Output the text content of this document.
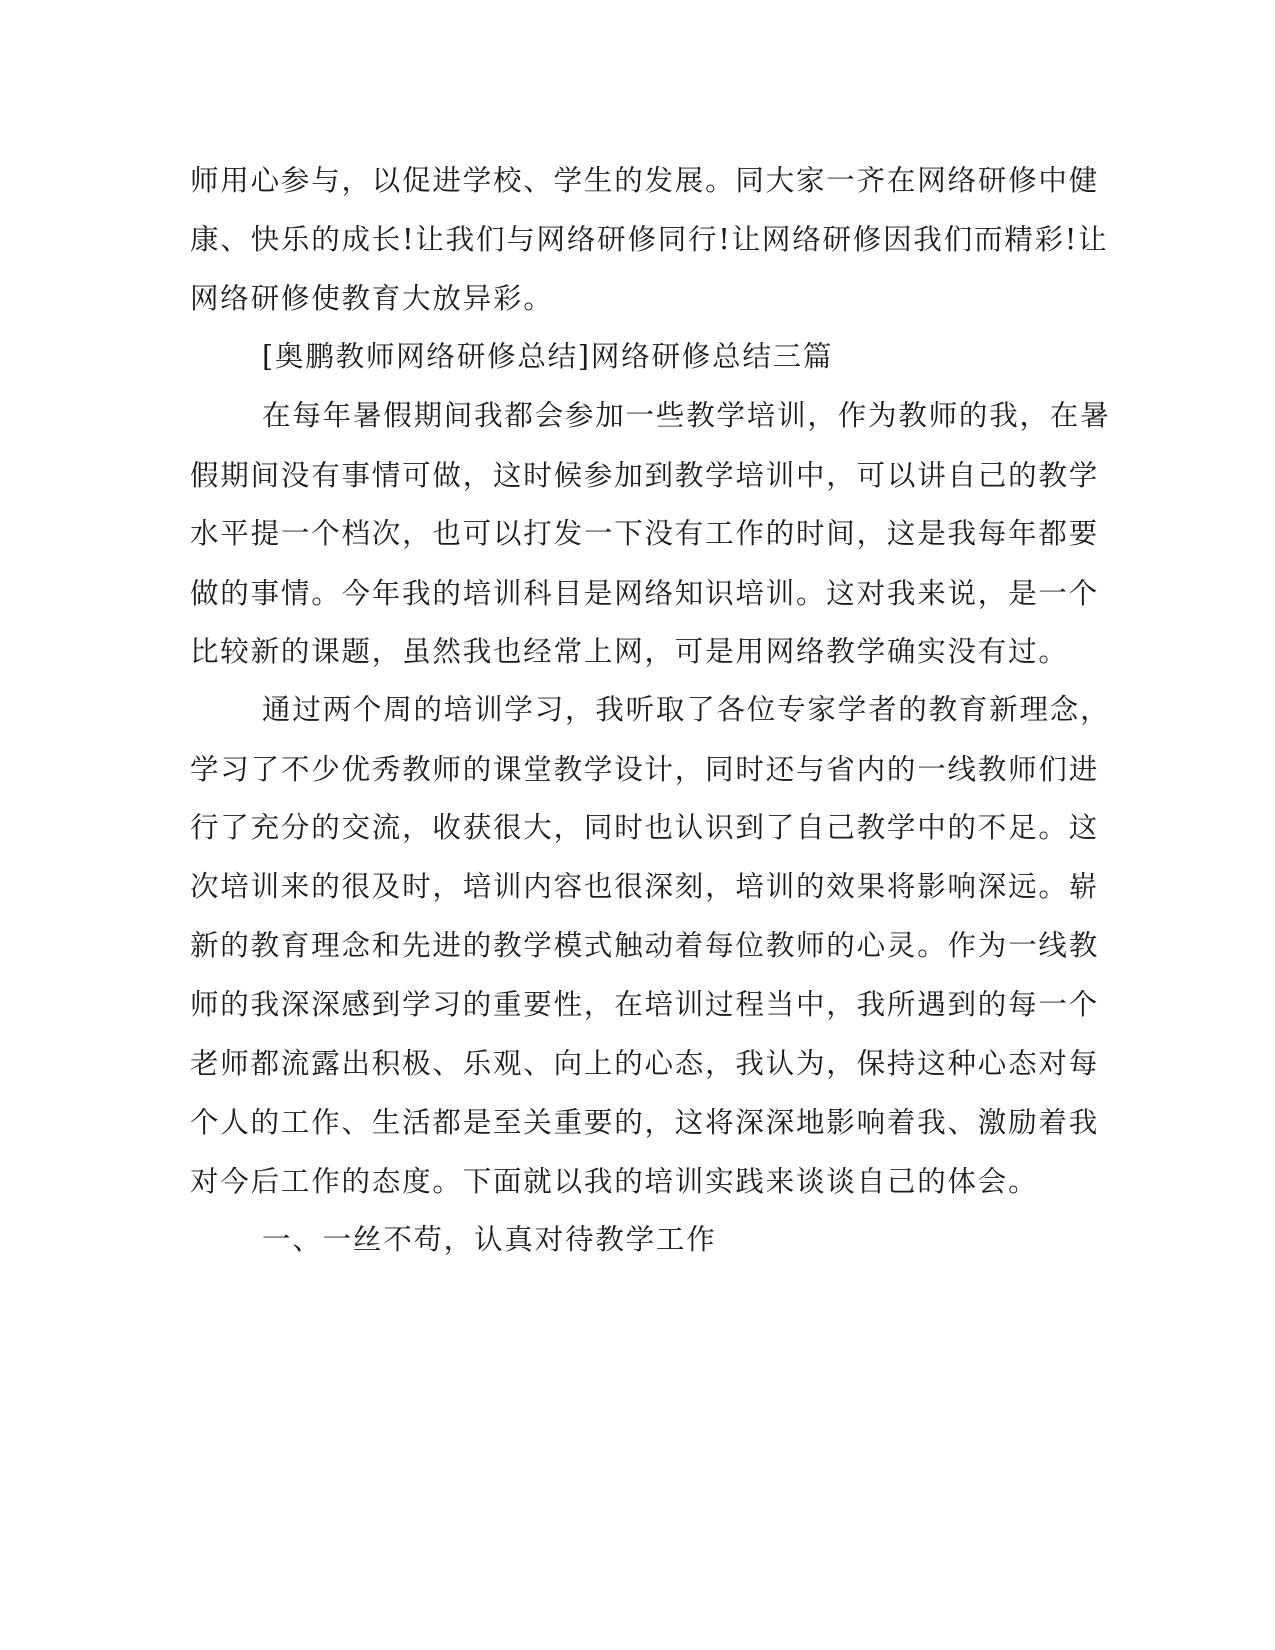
师用心参与，以促进学校、学生的发展。同大家一齐在网络研修中健
康、快乐的成长!让我们与网络研修同行!让网络研修因我们而精彩!让
网络研修使教育大放异彩。
[奥鹏教师网络研修总结]网络研修总结三篇
在每年暑假期间我都会参加一些教学培训，作为教师的我，在暑
假期间没有事情可做，这时候参加到教学培训中，可以讲自己的教学
水平提一个档次，也可以打发一下没有工作的时间，这是我每年都要
做的事情。今年我的培训科目是网络知识培训。这对我来说，是一个
比较新的课题，虽然我也经常上网，可是用网络教学确实没有过。
通过两个周的培训学习，我听取了各位专家学者的教育新理念，
学习了不少优秀教师的课堂教学设计，同时还与省内的一线教师们进
行了充分的交流，收获很大，同时也认识到了自己教学中的不足。这
次培训来的很及时，培训内容也很深刻，培训的效果将影响深远。崭
新的教育理念和先进的教学模式触动着每位教师的心灵。作为一线教
师的我深深感到学习的重要性，在培训过程当中，我所遇到的每一个
老师都流露出积极、乐观、向上的心态，我认为，保持这种心态对每
个人的工作、生活都是至关重要的，这将深深地影响着我、激励着我
对今后工作的态度。下面就以我的培训实践来谈谈自己的体会。
一、一丝不苟，认真对待教学工作
